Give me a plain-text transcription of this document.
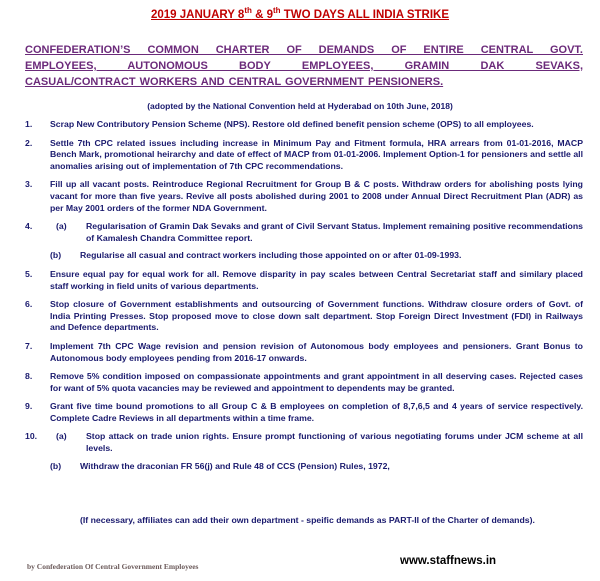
2019 JANUARY 8th & 9th TWO DAYS ALL INDIA STRIKE
CONFEDERATION’S COMMON CHARTER OF DEMANDS OF ENTIRE CENTRAL GOVT.
EMPLOYEES, AUTONOMOUS BODY EMPLOYEES, GRAMIN DAK SEVAKS,
CASUAL/CONTRACT WORKERS AND CENTRAL GOVERNMENT PENSIONERS.
(adopted by the National Convention held at Hyderabad on 10th June, 2018)
1.	Scrap New Contributory Pension Scheme (NPS). Restore old defined benefit pension scheme (OPS) to all employees.
2.	Settle 7th CPC related issues including increase in Minimum Pay and Fitment formula, HRA arrears from 01-01-2016, MACP Bench Mark, promotional heirarchy and date of effect of MACP from 01-01-2006. Implement Option-1 for pensioners and settle all anomalies arising out of implementation of 7th CPC recommendations.
3.	Fill up all vacant posts. Reintroduce Regional Recruitment for Group B & C posts. Withdraw orders for abolishing posts lying vacant for more than five years. Revive all posts abolished during 2001 to 2008 under Annual Direct Recruitment Plan (ADR) as per May 2001 orders of the former NDA Government.
4.	(a)	Regularisation of Gramin Dak Sevaks and grant of Civil Servant Status. Implement remaining positive recommendations of Kamalesh Chandra Committee report.
(b)	Regularise all casual and contract workers including those appointed on or after 01-09-1993.
5.	Ensure equal pay for equal work for all. Remove disparity in pay scales between Central Secretariat staff and similary placed staff working in field units of various departments.
6.	Stop closure of Government establishments and outsourcing of Government functions. Withdraw closure orders of Govt. of India Printing Presses. Stop proposed move to close down salt department. Stop Foreign Direct Investment (FDI) in Railways and Defence departments.
7.	Implement 7th CPC Wage revision and pension revision of Autonomous body employees and pensioners. Grant Bonus to Autonomous body employees pending from 2016-17 onwards.
8.	Remove 5% condition imposed on compassionate appointments and grant appointment in all deserving cases. Rejected cases for want of 5% quota vacancies may be reviewed and appointment to dependents may be granted.
9.	Grant five time bound promotions to all Group C & B employees on completion of 8,7,6,5 and 4 years of service respectively. Complete Cadre Reviews in all departments within a time frame.
10. (a)	Stop attack on trade union rights. Ensure prompt functioning of various negotiating forums under JCM scheme at all levels.
(b)	Withdraw the draconian FR 56(j) and Rule 48 of CCS (Pension) Rules, 1972,
(If necessary, affiliates can add their own department - speific demands as PART-II of the Charter of demands).
by Confederation Of Central Government Employees	www.staffnews.in
